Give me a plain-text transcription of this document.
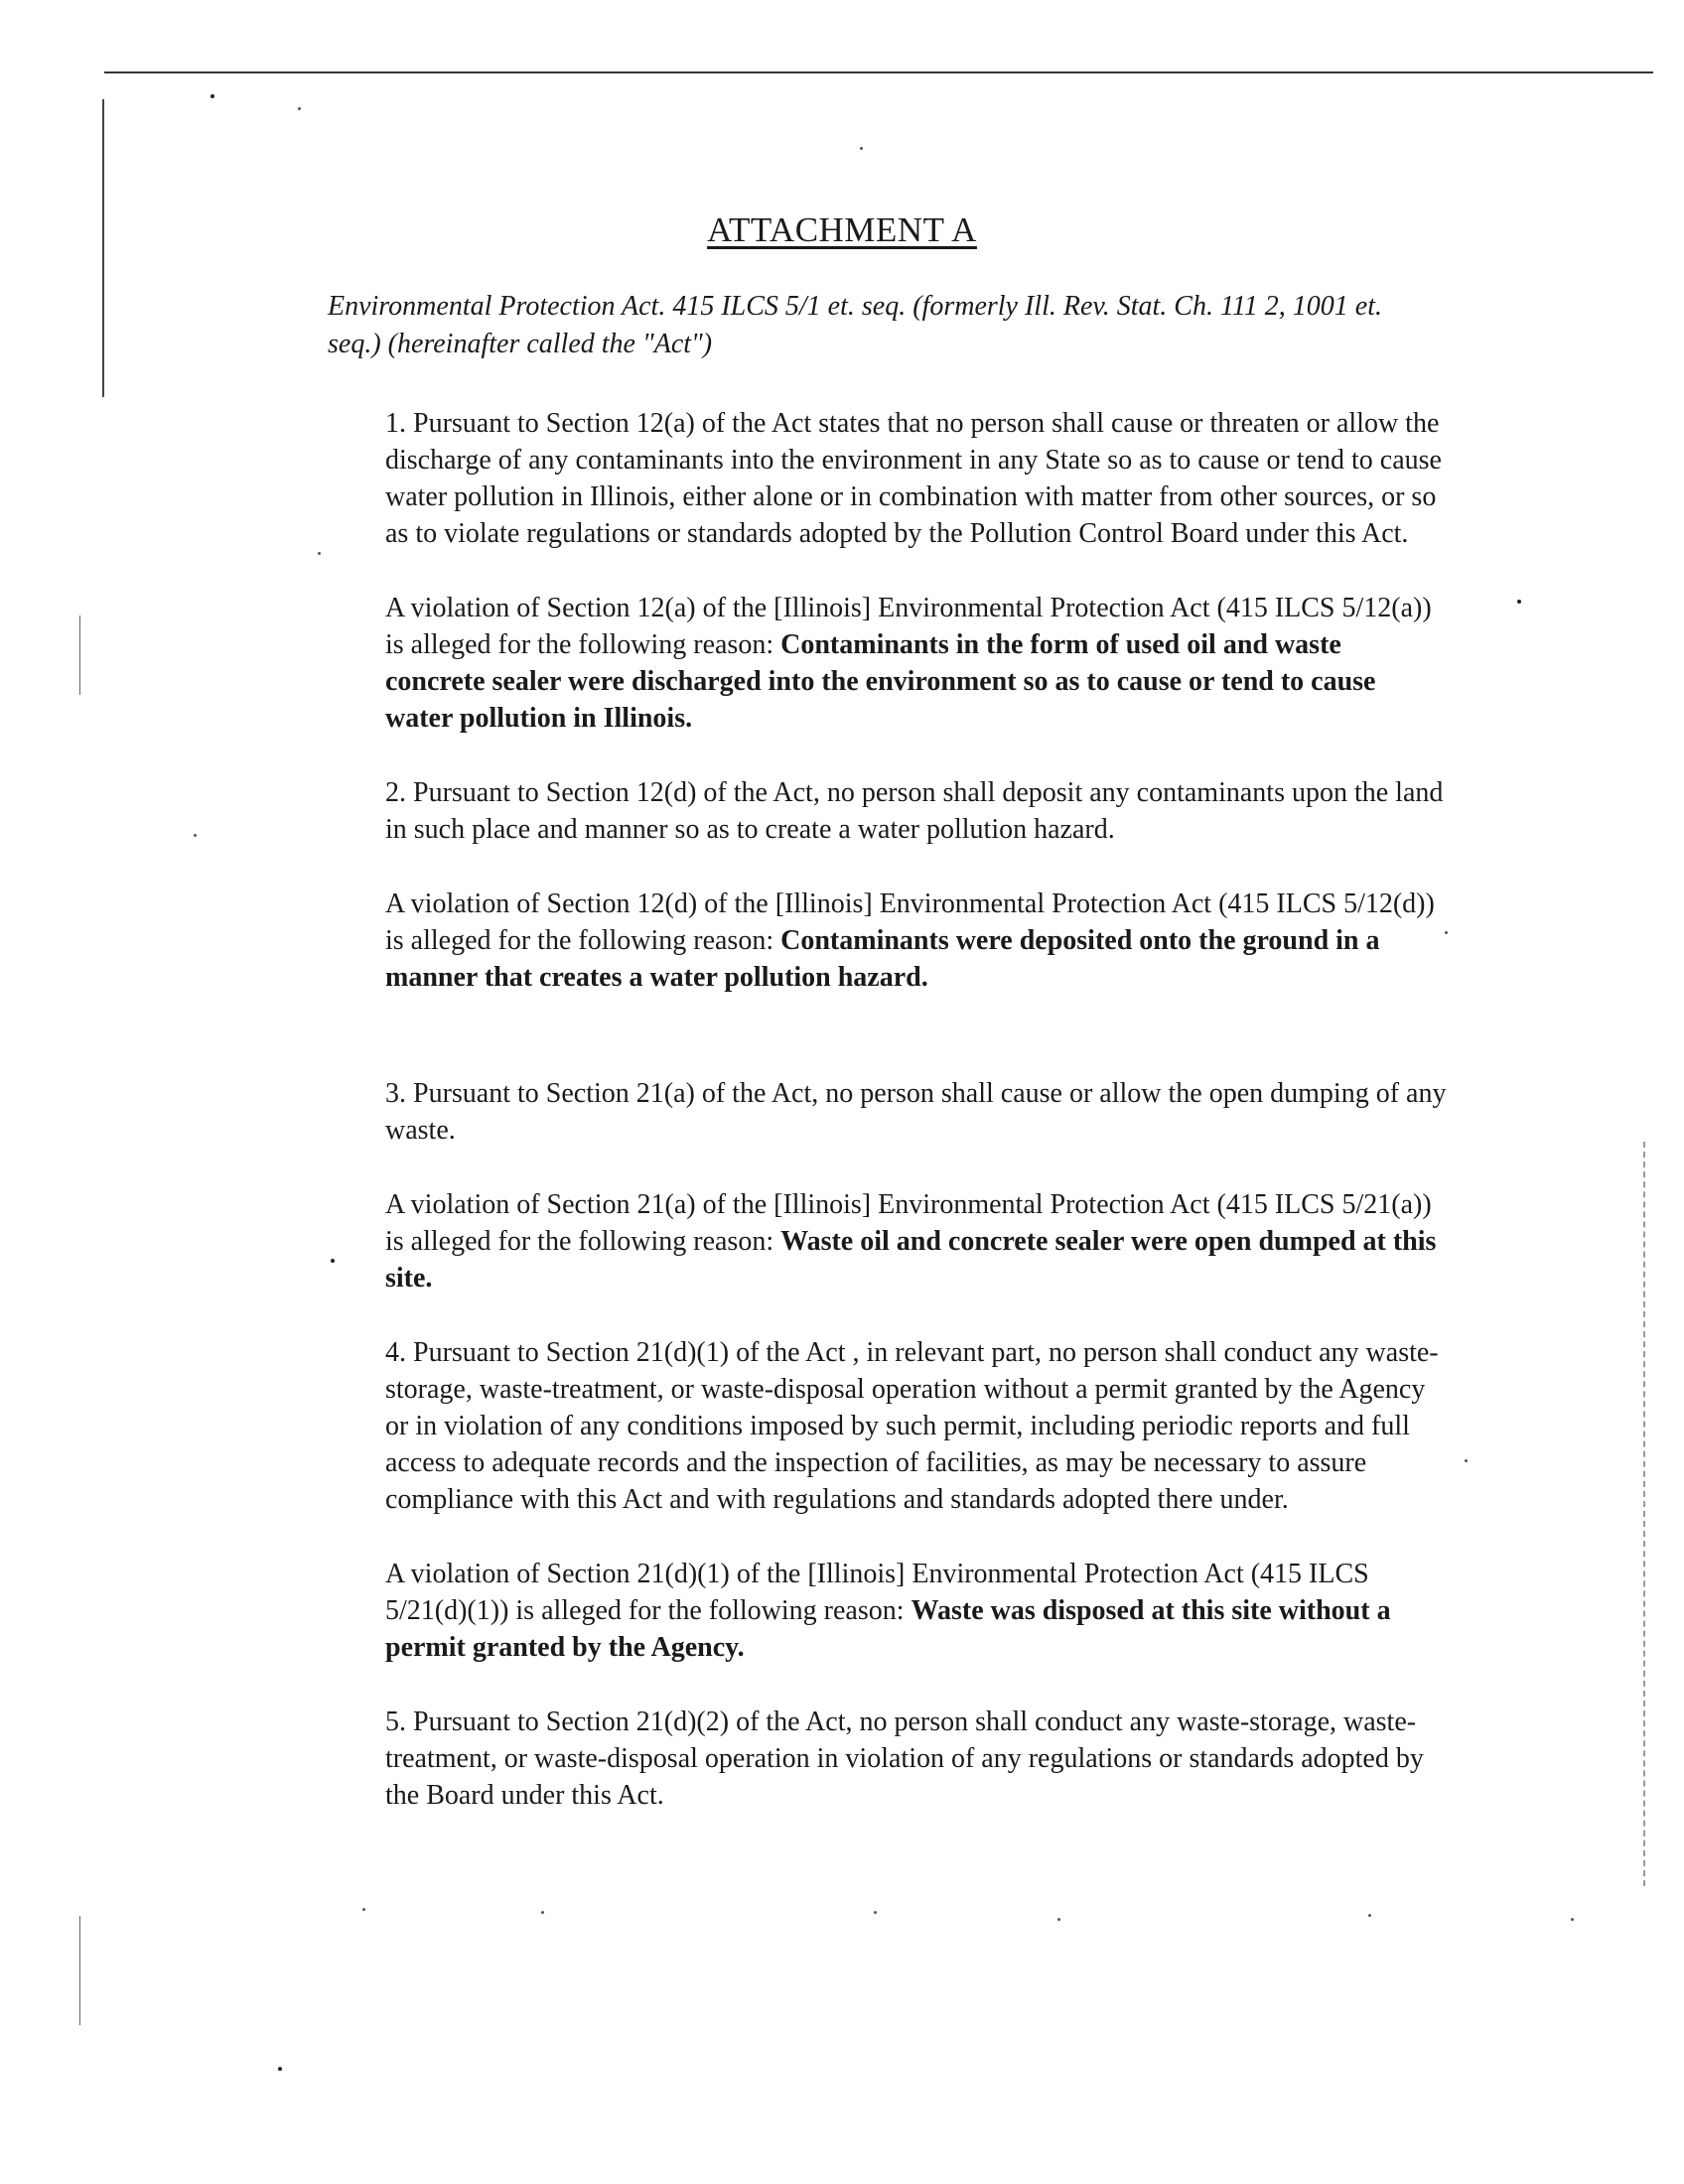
ATTACHMENT A
Environmental Protection Act. 415 ILCS 5/1 et. seq. (formerly Ill. Rev. Stat. Ch. 111 2, 1001 et. seq.) (hereinafter called the "Act")

1. Pursuant to Section 12(a) of the Act states that no person shall cause or threaten or allow the discharge of any contaminants into the environment in any State so as to cause or tend to cause water pollution in Illinois, either alone or in combination with matter from other sources, or so as to violate regulations or standards adopted by the Pollution Control Board under this Act.

A violation of Section 12(a) of the [Illinois] Environmental Protection Act (415 ILCS 5/12(a)) is alleged for the following reason: Contaminants in the form of used oil and waste concrete sealer were discharged into the environment so as to cause or tend to cause water pollution in Illinois.

2. Pursuant to Section 12(d) of the Act, no person shall deposit any contaminants upon the land in such place and manner so as to create a water pollution hazard.

A violation of Section 12(d) of the [Illinois] Environmental Protection Act (415 ILCS 5/12(d)) is alleged for the following reason: Contaminants were deposited onto the ground in a manner that creates a water pollution hazard.

3. Pursuant to Section 21(a) of the Act, no person shall cause or allow the open dumping of any waste.

A violation of Section 21(a) of the [Illinois] Environmental Protection Act (415 ILCS 5/21(a)) is alleged for the following reason: Waste oil and concrete sealer were open dumped at this site.

4. Pursuant to Section 21(d)(1) of the Act , in relevant part, no person shall conduct any waste-storage, waste-treatment, or waste-disposal operation without a permit granted by the Agency or in violation of any conditions imposed by such permit, including periodic reports and full access to adequate records and the inspection of facilities, as may be necessary to assure compliance with this Act and with regulations and standards adopted there under.

A violation of Section 21(d)(1) of the [Illinois] Environmental Protection Act (415 ILCS 5/21(d)(1)) is alleged for the following reason: Waste was disposed at this site without a permit granted by the Agency.

5. Pursuant to Section 21(d)(2) of the Act, no person shall conduct any waste-storage, waste-treatment, or waste-disposal operation in violation of any regulations or standards adopted by the Board under this Act.
